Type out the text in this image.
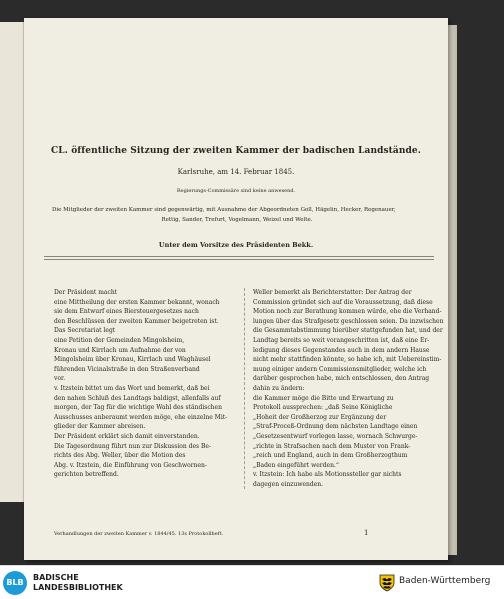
CL. öffentliche Sitzung der zweiten Kammer der badischen Landstände.
Karlsruhe, am 14. Februar 1845.
Regierungs-Commissäre sind keine anwesend.
Die Mitglieder der zweiten Kammer sind gegenwärtig, mit Ausnahme der Abgeordneten Goll, Hägelin, Hecker, Regenauer,
Rettig, Sander, Trefurt, Vogelmann, Weizel und Welte.
Unter dem Vorsitze des Präsidenten Bekk.
Der Präsident macht
eine Mittheilung der ersten Kammer bekannt, wonach
sie dem Entwurf eines Biersteuergesetzes nach
den Beschlüssen der zweiten Kammer beigetreten ist.
Das Secretariat legt
eine Petition der Gemeinden Mingolsheim,
Kronau und Kirrlach um Aufnahme der von
Mingolsheim über Kronau, Kirrlach und Waghäusel
führenden Vicinalstraße in den Straßenverband
vor.
v. Itzstein bittet um das Wort und bemerkt, daß bei
den nahen Schluß des Landtags baldigst, allenfalls auf
morgen, der Tag für die wichtige Wahl des ständischen
Ausschusses anberaumt werden möge, ehe einzelne Mit-
glieder der Kammer abreisen.
Der Präsident erklärt sich damit einverstanden.
Die Tagesordnung führt nun zur Diskussion des Be-
richts des Abg. Weller, über die Motion des
Abg. v. Itzstein, die Einführung von Geschwornen-
gerichten betreffend.
Weller bemerkt als Berichterstatter: Der Antrag der
Commission gründet sich auf die Voraussetzung, daß diese
Motion noch zur Berathung kommen würde, ehe die Verhand-
lungen über das Strafgesetz geschlossen seien. Da inzwischen
die Gesammtabstimmung hierüber stattgefunden hat, und der
Landtag bereits so weit vorangeschritten ist, daß eine Er-
ledigung dieses Gegenstandes auch in dem andern Hause
nicht mehr stattfinden könnte, so habe ich, mit Uebereinstim-
mung einiger andern Commissionsmitglieder, welche ich
darüber gesprochen habe, mich entschlossen, den Antrag
dahin zu ändern:
die Kammer möge die Bitte und Erwartung zu
Protokoll aussprechen: „daß Seine Königliche
„Hoheit der Großherzog zur Ergänzung der
„Straf-Proceß-Ordnung dem nächsten Landtage einen
„Gesetzesentwurf vorlegen lasse, wornach Schwurge-
„richte in Strafsachen nach dem Muster von Frank-
„reich und England, auch in dem Großherzogthum
„Baden eingeführt werden.“
v. Itzstein: Ich habe als Motionssteller gar nichts
dagegen einzuwenden.
Verhandlungen der zweiten Kammer v. 1844/45. 13s Protokollheft.	1
BLB
BADISCHE
LANDESBIBLIOTHEK
Baden-Württemberg
